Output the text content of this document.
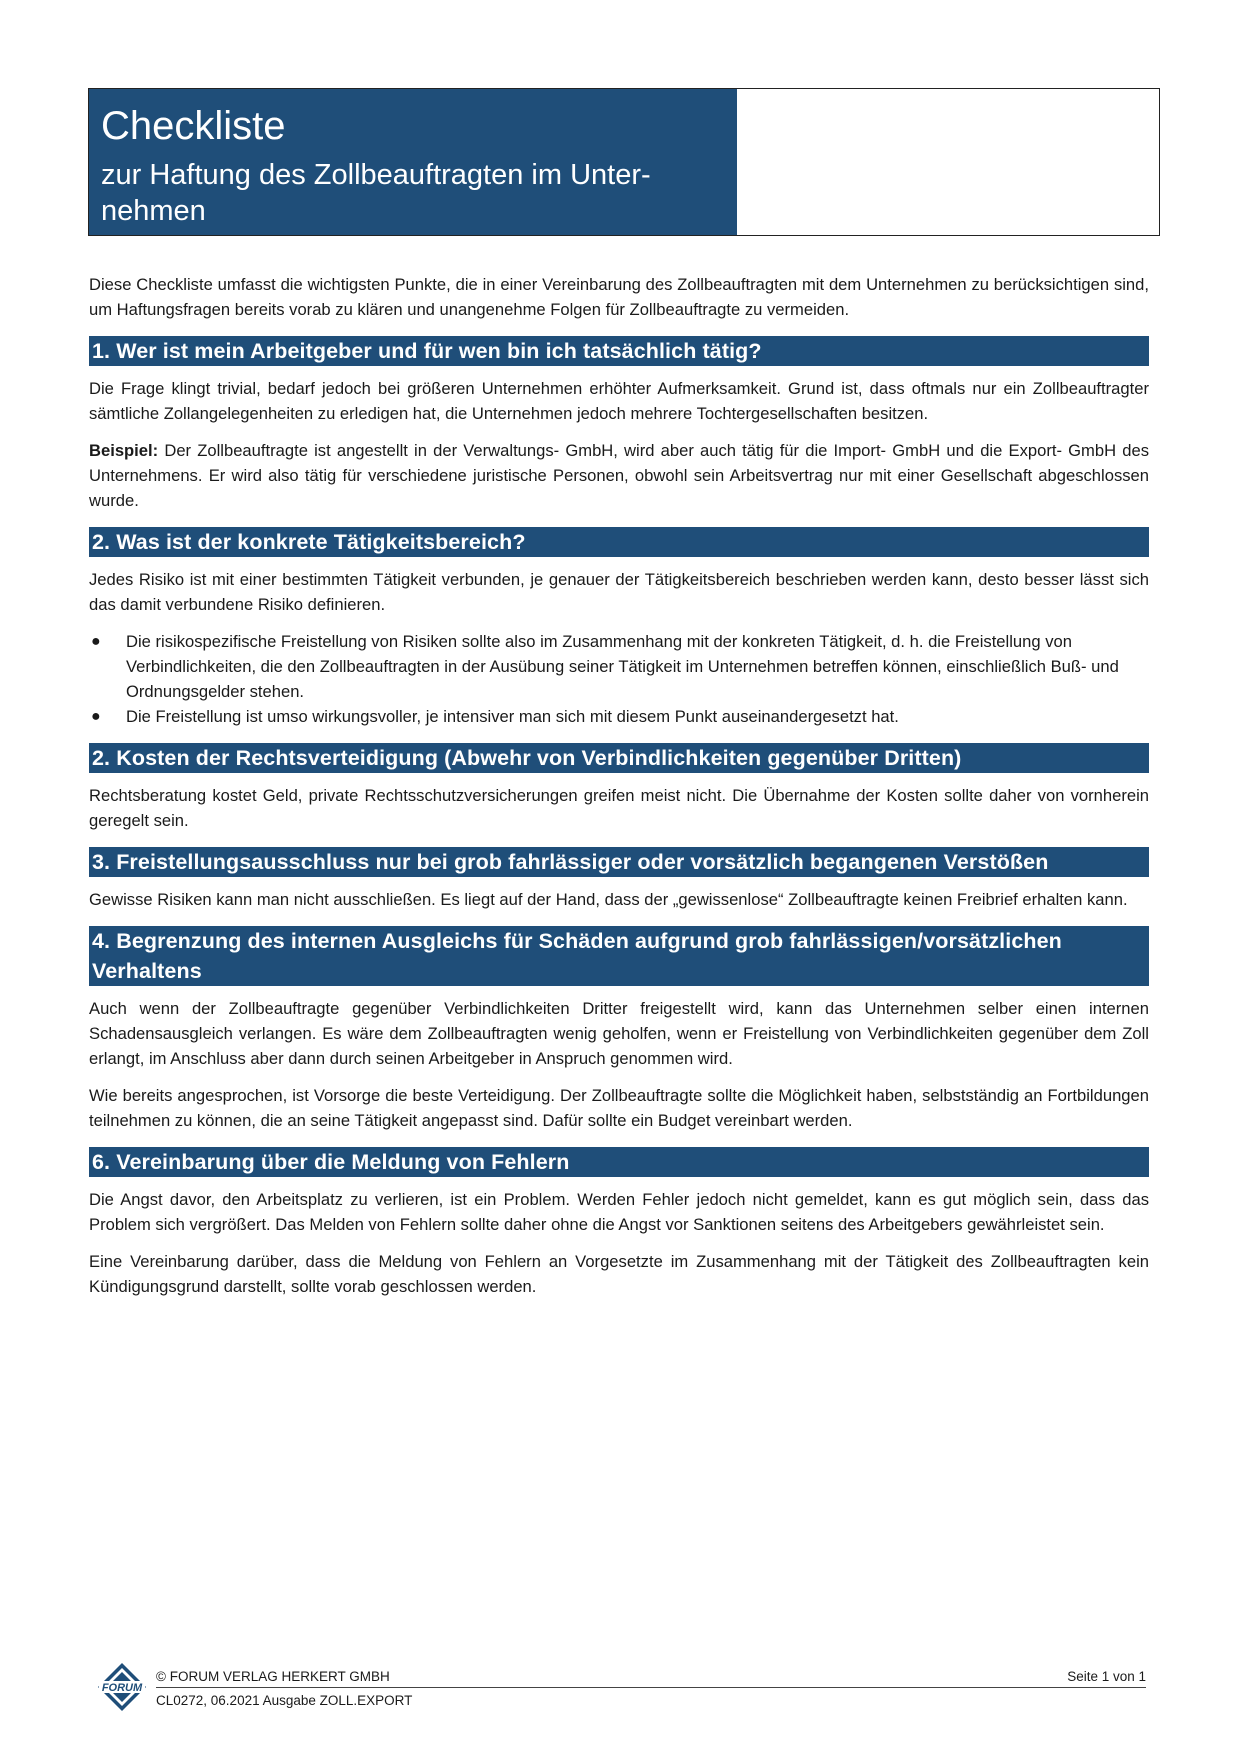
Checkliste
zur Haftung des Zollbeauftragten im Unter-
nehmen

Diese Checkliste umfasst die wichtigsten Punkte, die in einer Vereinbarung des Zollbeauftragten mit dem Unternehmen zu berücksichtigen sind, um Haftungsfragen bereits vorab zu klären und unangenehme Folgen für Zollbeauftragte zu vermeiden.

1. Wer ist mein Arbeitgeber und für wen bin ich tatsächlich tätig?

Die Frage klingt trivial, bedarf jedoch bei größeren Unternehmen erhöhter Aufmerksamkeit. Grund ist, dass oftmals nur ein Zollbeauftragter sämtliche Zollangelegenheiten zu erledigen hat, die Unternehmen jedoch mehrere Tochtergesellschaften besitzen.

Beispiel: Der Zollbeauftragte ist angestellt in der Verwaltungs- GmbH, wird aber auch tätig für die Import- GmbH und die Export- GmbH des Unternehmens. Er wird also tätig für verschiedene juristische Personen, obwohl sein Arbeitsvertrag nur mit einer Gesellschaft abgeschlossen wurde.

2. Was ist der konkrete Tätigkeitsbereich?

Jedes Risiko ist mit einer bestimmten Tätigkeit verbunden, je genauer der Tätigkeitsbereich beschrieben werden kann, desto besser lässt sich das damit verbundene Risiko definieren.

● Die risikospezifische Freistellung von Risiken sollte also im Zusammenhang mit der konkreten Tätigkeit, d. h. die Freistellung von Verbindlichkeiten, die den Zollbeauftragten in der Ausübung seiner Tätigkeit im Unternehmen betreffen können, einschließlich Buß- und Ordnungsgelder stehen.
● Die Freistellung ist umso wirkungsvoller, je intensiver man sich mit diesem Punkt auseinandergesetzt hat.
2. Kosten der Rechtsverteidigung (Abwehr von Verbindlichkeiten gegenüber Dritten)

Rechtsberatung kostet Geld, private Rechtsschutzversicherungen greifen meist nicht. Die Übernahme der Kosten sollte daher von vornherein geregelt sein.

3. Freistellungsausschluss nur bei grob fahrlässiger oder vorsätzlich begangenen Verstößen

Gewisse Risiken kann man nicht ausschließen. Es liegt auf der Hand, dass der „gewissenlose“ Zollbeauftragte keinen Freibrief erhalten kann.

4. Begrenzung des internen Ausgleichs für Schäden aufgrund grob fahrlässigen/vorsätzlichen Verhaltens

Auch wenn der Zollbeauftragte gegenüber Verbindlichkeiten Dritter freigestellt wird, kann das Unternehmen selber einen internen Schadensausgleich verlangen. Es wäre dem Zollbeauftragten wenig geholfen, wenn er Freistellung von Verbindlichkeiten gegenüber dem Zoll erlangt, im Anschluss aber dann durch seinen Arbeitgeber in Anspruch genommen wird.

Wie bereits angesprochen, ist Vorsorge die beste Verteidigung. Der Zollbeauftragte sollte die Möglichkeit haben, selbstständig an Fortbildungen teilnehmen zu können, die an seine Tätigkeit angepasst sind. Dafür sollte ein Budget vereinbart werden.

6. Vereinbarung über die Meldung von Fehlern

Die Angst davor, den Arbeitsplatz zu verlieren, ist ein Problem. Werden Fehler jedoch nicht gemeldet, kann es gut möglich sein, dass das Problem sich vergrößert. Das Melden von Fehlern sollte daher ohne die Angst vor Sanktionen seitens des Arbeitgebers gewährleistet sein.

Eine Vereinbarung darüber, dass die Meldung von Fehlern an Vorgesetzte im Zusammenhang mit der Tätigkeit des Zollbeauftragten kein Kündigungsgrund darstellt, sollte vorab geschlossen werden.

FORUM
© FORUM VERLAG HERKERT GMBH	Seite 1 von 1
CL0272, 06.2021 Ausgabe ZOLL.EXPORT
